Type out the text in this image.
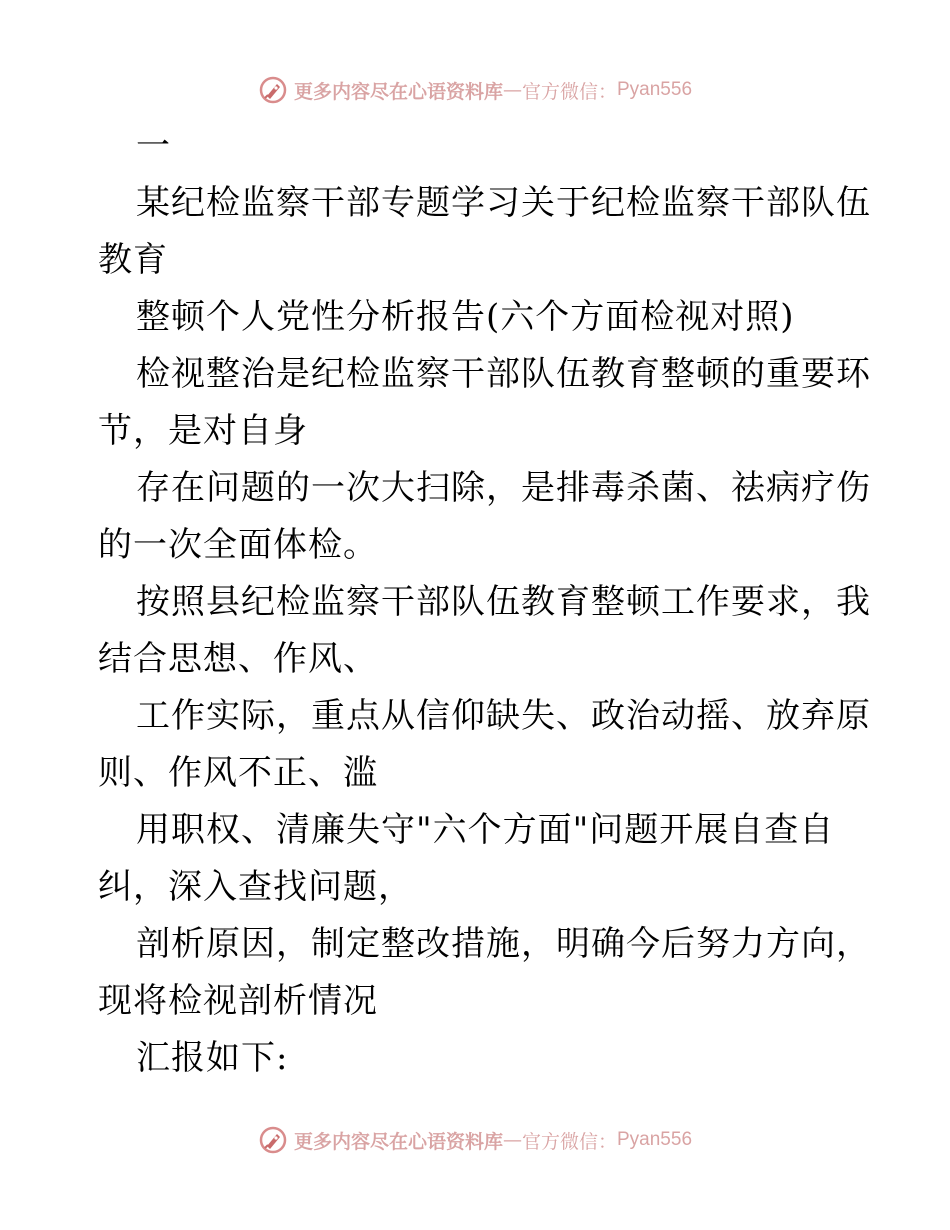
更多内容尽在心语资料库 — 官方微信： Pyan556
一
某纪检监察干部专题学习关于纪检监察干部队伍
教育
整顿个人党性分析报告(六个方面检视对照)
检视整治是纪检监察干部队伍教育整顿的重要环
节，是对自身
存在问题的一次大扫除，是排毒杀菌、祛病疗伤
的一次全面体检。
按照县纪检监察干部队伍教育整顿工作要求，我
结合思想、作风、
工作实际，重点从信仰缺失、政治动摇、放弃原
则、作风不正、滥
用职权、清廉失守"六个方面"问题开展自查自
纠，深入查找问题，
剖析原因，制定整改措施，明确今后努力方向，
现将检视剖析情况
汇报如下:
更多内容尽在心语资料库 — 官方微信： Pyan556
